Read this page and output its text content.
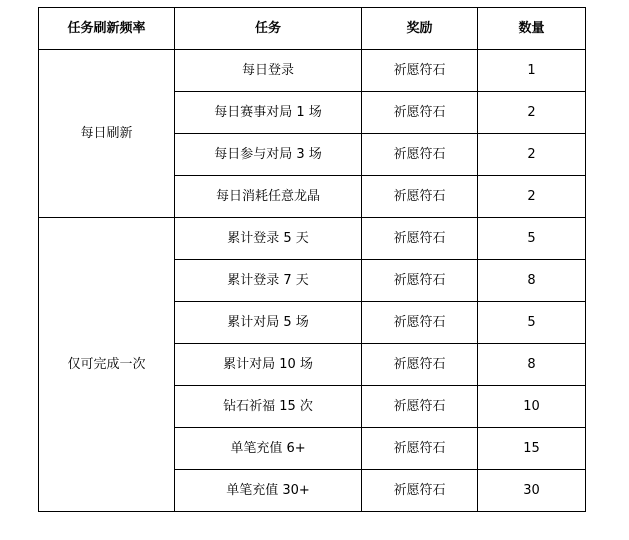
任务刷新频率	任务	奖励	数量
每日刷新	每日登录	祈愿符石	1
	每日赛事对局 1 场	祈愿符石	2
	每日参与对局 3 场	祈愿符石	2
	每日消耗任意龙晶	祈愿符石	2
仅可完成一次	累计登录 5 天	祈愿符石	5
	累计登录 7 天	祈愿符石	8
	累计对局 5 场	祈愿符石	5
	累计对局 10 场	祈愿符石	8
	钻石祈福 15 次	祈愿符石	10
	单笔充值 6+	祈愿符石	15
	单笔充值 30+	祈愿符石	30
